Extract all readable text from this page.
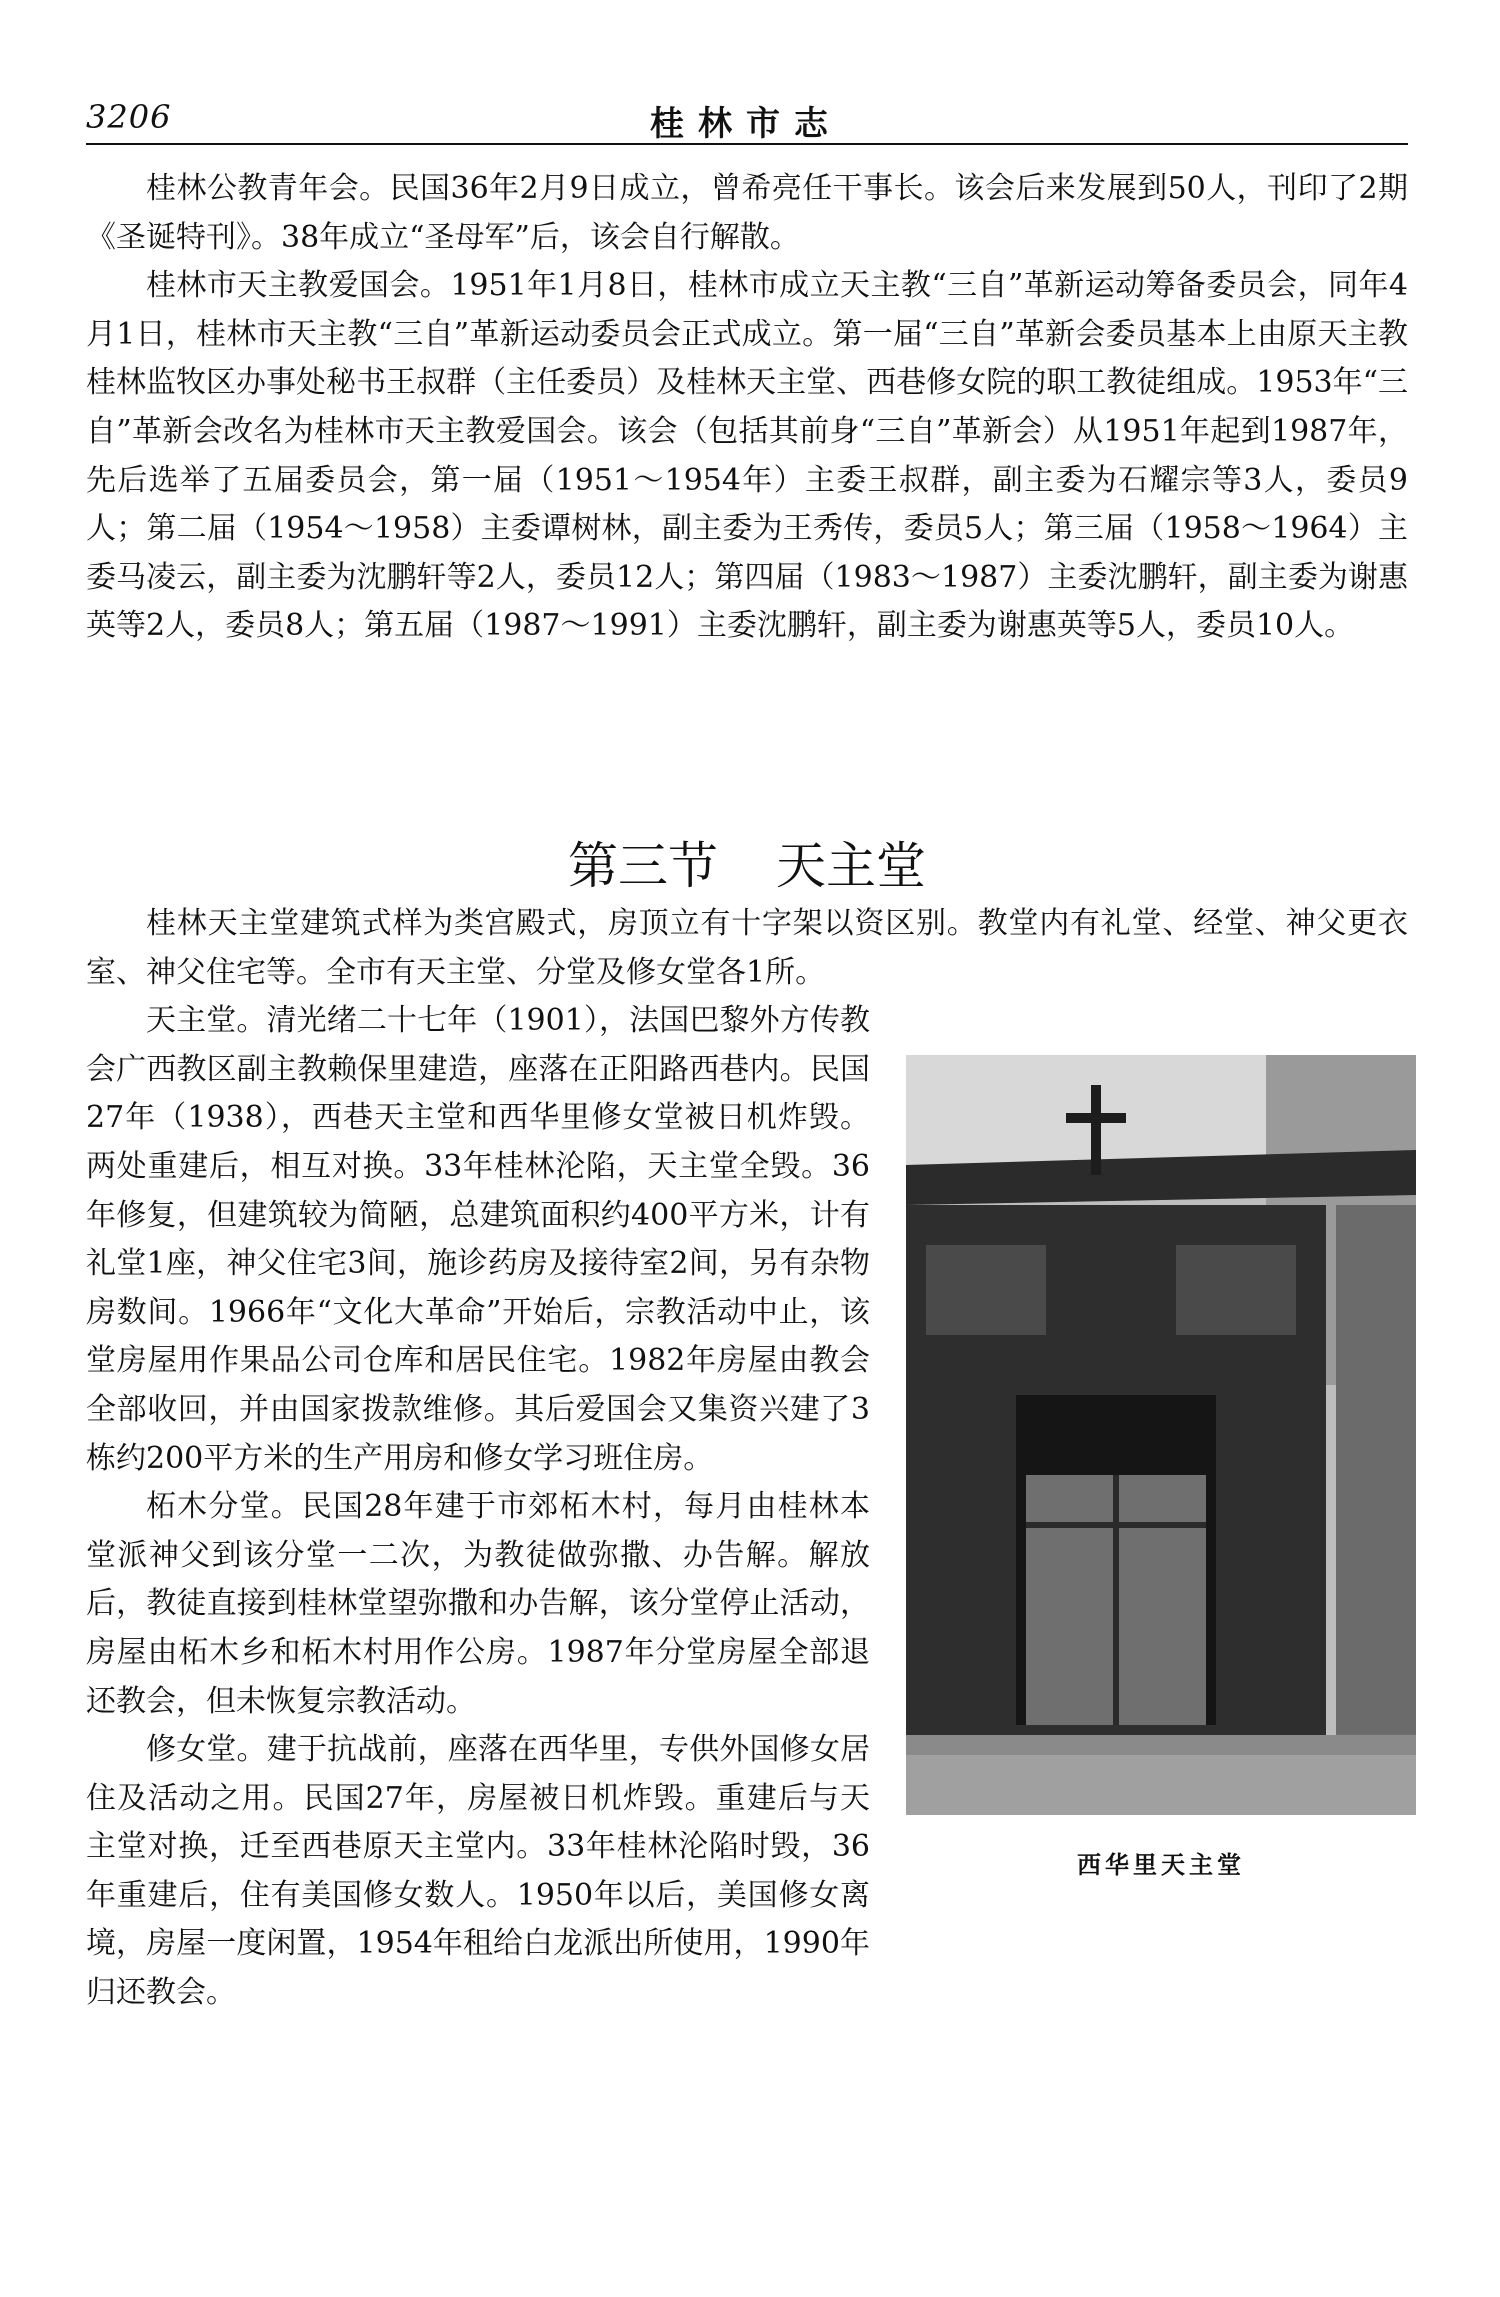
3206	桂林市志

桂林公教青年会。民国36年2月9日成立，曾希亮任干事长。该会后来发展到50人，刊印了2期《圣诞特刊》。38年成立“圣母军”后，该会自行解散。

桂林市天主教爱国会。1951年1月8日，桂林市成立天主教“三自”革新运动筹备委员会，同年4月1日，桂林市天主教“三自”革新运动委员会正式成立。第一届“三自”革新会委员基本上由原天主教桂林监牧区办事处秘书王叔群（主任委员）及桂林天主堂、西巷修女院的职工教徒组成。1953年“三自”革新会改名为桂林市天主教爱国会。该会（包括其前身“三自”革新会）从1951年起到1987年，先后选举了五届委员会，第一届（1951～1954年）主委王叔群，副主委为石耀宗等3人，委员9人；第二届（1954～1958）主委谭树林，副主委为王秀传，委员5人；第三届（1958～1964）主委马凌云，副主委为沈鹏轩等2人，委员12人；第四届（1983～1987）主委沈鹏轩，副主委为谢惠英等2人，委员8人；第五届（1987～1991）主委沈鹏轩，副主委为谢惠英等5人，委员10人。

第三节 天主堂

桂林天主堂建筑式样为类宫殿式，房顶立有十字架以资区别。教堂内有礼堂、经堂、神父更衣室、神父住宅等。全市有天主堂、分堂及修女堂各1所。

天主堂。清光绪二十七年（1901），法国巴黎外方传教会广西教区副主教赖保里建造，座落在正阳路西巷内。民国27年（1938），西巷天主堂和西华里修女堂被日机炸毁。两处重建后，相互对换。33年桂林沦陷，天主堂全毁。36年修复，但建筑较为简陋，总建筑面积约400平方米，计有礼堂1座，神父住宅3间，施诊药房及接待室2间，另有杂物房数间。1966年“文化大革命”开始后，宗教活动中止，该堂房屋用作果品公司仓库和居民住宅。1982年房屋由教会全部收回，并由国家拨款维修。其后爱国会又集资兴建了3栋约200平方米的生产用房和修女学习班住房。

柘木分堂。民国28年建于市郊柘木村，每月由桂林本堂派神父到该分堂一二次，为教徒做弥撒、办告解。解放后，教徒直接到桂林堂望弥撒和办告解，该分堂停止活动，房屋由柘木乡和柘木村用作公房。1987年分堂房屋全部退还教会，但未恢复宗教活动。

修女堂。建于抗战前，座落在西华里，专供外国修女居住及活动之用。民国27年，房屋被日机炸毁。重建后与天主堂对换，迁至西巷原天主堂内。33年桂林沦陷时毁，36年重建后，住有美国修女数人。1950年以后，美国修女离境，房屋一度闲置，1954年租给白龙派出所使用，1990年归还教会。

西华里天主堂
